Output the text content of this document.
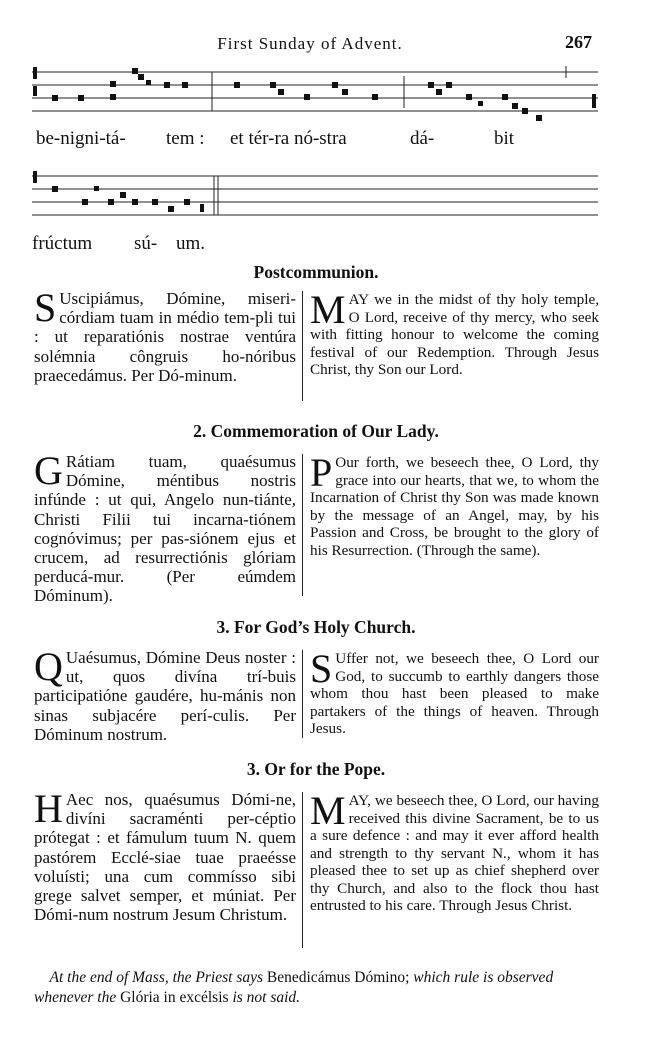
First Sunday of Advent.	267
be-nigni-tá- tem : et tér-ra nó-stra	dá-	bit
frúctum sú- um.
Postcommunion.
S Uscipiámus, Dómine, miseri-córdiam tuam in médio tem-pli tui : ut reparatiónis nostrae ventúra solémnia côngruis ho-nóribus praecedámus. Per Dó-minum.
MAY we in the midst of thy holy temple, O Lord, receive of thy mercy, who seek with fitting honour to welcome the coming festival of our Redemption. Through Jesus Christ, thy Son our Lord.
2. Commemoration of Our Lady.
G Rátiam tuam, quaésumus Dómine, méntibus nostris infúnde : ut qui, Angelo nun-tiánte, Christi Filii tui incarna-tiónem cognóvimus; per pas-siónem ejus et crucem, ad resurrectiónis glóriam perducá-mur. (Per eúmdem Dóminum).
P Our forth, we beseech thee, O Lord, thy grace into our hearts, that we, to whom the Incarnation of Christ thy Son was made known by the message of an Angel, may, by his Passion and Cross, be brought to the glory of his Resurrection. (Through the same).
3. For God’s Holy Church.
Q Uaésumus, Dómine Deus noster : ut, quos divína trí-buis participatióne gaudére, hu-mánis non sinas subjacére perí-culis. Per Dóminum nostrum.
S Uffer not, we beseech thee, O Lord our God, to succumb to earthly dangers those whom thou hast been pleased to make partakers of the things of heaven. Through Jesus.
3. Or for the Pope.
H Aec nos, quaésumus Dómi-ne, divíni sacraménti per-céptio prótegat : et fámulum tuum N. quem pastórem Ecclé-siae tuae praeésse voluísti; una cum commísso sibi grege salvet semper, et múniat. Per Dómi-num nostrum Jesum Christum.
MAY, we beseech thee, O Lord, our having received this divine Sacrament, be to us a sure defence : and may it ever afford health and strength to thy servant N., whom it has pleased thee to set up as chief shepherd over thy Church, and also to the flock thou hast entrusted to his care. Through Jesus Christ.
 At the end of Mass, the Priest says Benedicámus Dómino; which rule is observed whenever the Glória in excélsis is not said.
